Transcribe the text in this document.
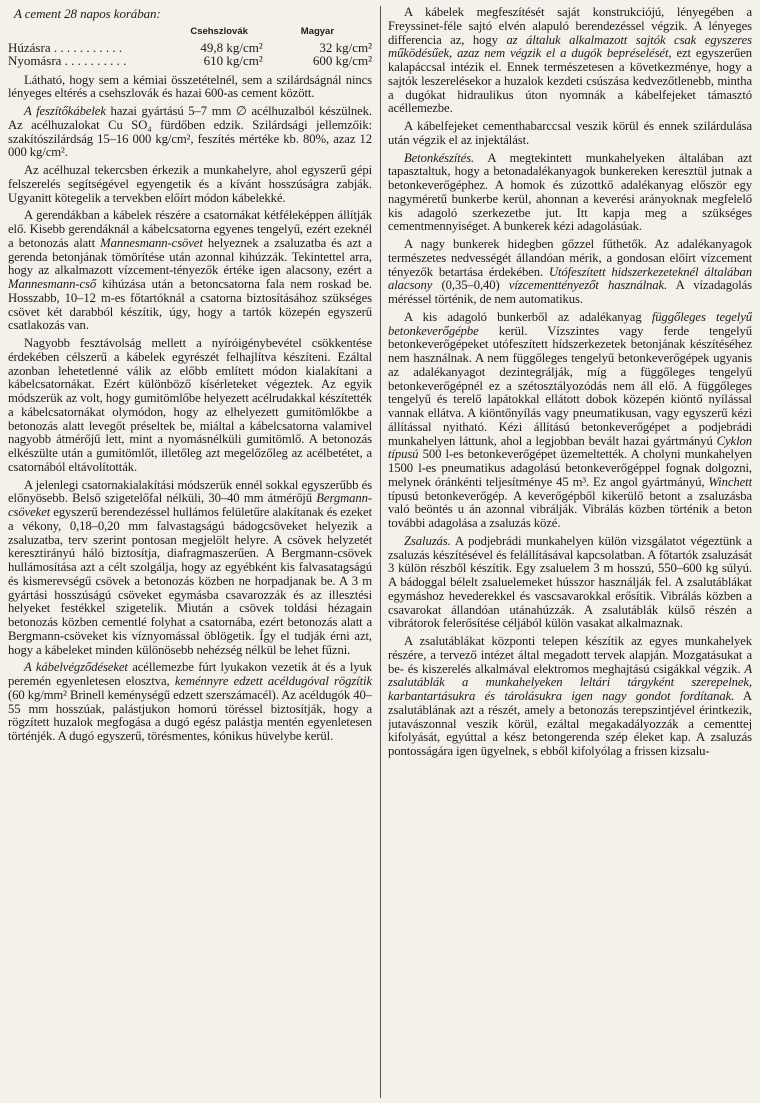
A cement 28 napos korában:

	Csehszlovák	Magyar
Húzásra . . . . . . . . . . .	49,8 kg/cm²	32 kg/cm²
Nyomásra . . . . . . . . . .	610 kg/cm²	600 kg/cm²

Látható, hogy sem a kémiai összetételnél, sem a szilárdságnál nincs lényeges eltérés a csehszlovák és hazai 600-as cement között.

A feszítőkábelek hazai gyártású 5–7 mm ∅ acélhuzalból készülnek. Az acélhuzalokat Cu SO₄ fürdőben edzik. Szilárdsági jellemzőik: szakítószilárdság 15–16 000 kg/cm², feszítés mértéke kb. 80%, azaz 12 000 kg/cm².

Az acélhuzal tekercsben érkezik a munkahelyre, ahol egyszerű gépi felszerelés segítségével egyengetik és a kívánt hosszúságra zabják. Ugyanitt kötegelik a tervekben előírt módon kábelekké.

A gerendákban a kábelek részére a csatornákat kétféleképpen állítják elő. Kisebb gerendáknál a kábelcsatorna egyenes tengelyű, ezért ezeknél a betonozás alatt Mannesmann-csövet helyeznek a zsaluzatba és azt a gerenda betonjának tömörítése után azonnal kihúzzák. Tekintettel arra, hogy az alkalmazott vízcement-tényezők értéke igen alacsony, ezért a Mannesmann-cső kihúzása után a betoncsatorna fala nem roskad be. Hosszabb, 10–12 m-es főtartóknál a csatorna biztosításához szükséges csövet két darabból készítik, úgy, hogy a tartók közepén egyszerű csatlakozás van.

Nagyobb fesztávolság mellett a nyíróigénybevétel csökkentése érdekében célszerű a kábelek egyrészét felhajlítva készíteni. Ezáltal azonban lehetetlenné válik az előbb említett módon kialakítani a kábelcsatornákat. Ezért különböző kísérleteket végeztek. Az egyik módszerük az volt, hogy gumitömlőbe helyezett acélrudakkal készítették a kábelcsatornákat olymódon, hogy az elhelyezett gumitömlőkbe a betonozás alatt levegőt préseltek be, miáltal a kábelcsatorna valamivel nagyobb átmérőjű lett, mint a nyomásnélküli gumitömlő. A betonozás elkészülte után a gumitömlőt, illetőleg azt megelőzőleg az acélbetétet, a csatornából eltávolították.

A jelenlegi csatornakialakítási módszerük ennél sokkal egyszerűbb és előnyösebb. Belső szigetelőfal nélküli, 30–40 mm átmérőjű Bergmann-csöveket egyszerű berendezéssel hullámos felületűre alakítanak és ezeket a vékony, 0,18–0,20 mm falvastagságú bádogcsöveket helyezik a zsaluzatba, terv szerint pontosan megjelölt helyre. A csövek helyzetét keresztirányú háló biztosítja, diafragmaszerűen. A Bergmann-csövek hullámosítása azt a célt szolgálja, hogy az egyébként kis falvasatagságú és kismerevségű csövek a betonozás közben ne horpadjanak be. A 3 m gyártási hosszúságú csöveket egymásba csavarozzák és az illesztési helyeket festékkel szigetelik. Miután a csövek toldási hézagain betonozás közben cementlé folyhat a csatornába, ezért betonozás alatt a Bergmann-csöveket kis víznyomással öblögetik. Így el tudják érni azt, hogy a kábeleket minden különösebb nehézség nélkül be lehet fűzni.

A kábelvégződéseket acéllemezbe fúrt lyukakon vezetik át és a lyuk peremén egyenletesen elosztva, keménnyre edzett acéldugóval rögzítik (60 kg/mm² Brinell keménységű edzett szerszámacél). Az acéldugók 40–55 mm hosszúak, palástjukon homorú töréssel biztosítják, hogy a rögzített huzalok megfogása a dugó egész palástja mentén egyenletesen történjék. A dugó egyszerű, törésmentes, kónikus hüvelybe kerül.

A kábelek megfeszítését saját konstrukciójú, lényegében a Freyssinet-féle sajtó elvén alapuló berendezéssel végzik. A lényeges differencia az, hogy az általuk alkalmazott sajtók csak egyszeres működésűek, azaz nem végzik el a dugók bepréselését, ezt egyszerűen kalapáccsal intézik el. Ennek természetesen a következménye, hogy a sajtók leszerelésekor a huzalok kezdeti csúszása kedvezőtlenebb, mintha a dugókat hidraulikus úton nyomnák a kábelfejeket támasztó acéllemezbe.

A kábelfejeket cementhabarccsal veszik körül és ennek szilárdulása után végzik el az injektálást.

Betonkészítés. A megtekintett munkahelyeken általában azt tapasztaltuk, hogy a betonadalékanyagok bunkereken keresztül jutnak a betonkeverőgéphez. A homok és zúzottkő adalékanyag először egy nagyméretű bunkerbe kerül, ahonnan a keverési arányoknak megfelelő kis adagoló szerkezetbe jut. Itt kapja meg a szükséges cementmennyiséget. A bunkerek kézi adagolásúak.

A nagy bunkerek hidegben gőzzel fűthetők. Az adalékanyagok természetes nedvességét állandóan mérik, a gondosan előírt vízcement tényezők betartása érdekében. Utófeszített hidszerkezeteknél általában alacsony (0,35–0,40) vízcementtényezőt használnak. A vízadagolás méréssel történik, de nem automatikus.

A kis adagoló bunkerből az adalékanyag függőleges tegelyű betonkeverőgépbe kerül. Vízszintes vagy ferde tengelyű betonkeverőgépeket utófeszített hídszerkezetek betonjának készítéséhez nem használnak. A nem függőleges tengelyű betonkeverőgépek ugyanis az adalékanyagot dezintegrálják, míg a függőleges tengelyű betonkeverőgépnél ez a szétosztályozódás nem áll elő. A függőleges tengelyű és terelő lapátokkal ellátott dobok közepén kiöntő nyílással vannak ellátva. A kiöntőnyílás vagy pneumatikusan, vagy egyszerű kézi állítással nyitható. Kézi állítású betonkeverőgépet a podjebrádi munkahelyen láttunk, ahol a legjobban bevált hazai gyártmányú Cyklon típusú 500 l-es betonkeverőgépet üzemeltették. A cholyni munkahelyen 1500 l-es pneumatikus adagolású betonkeverőgéppel fognak dolgozni, melynek óránkénti teljesítménye 45 m³. Ez angol gyártmányú, Winchett típusú betonkeverőgép. A keverőgépből kikerülő betont a zsaluzásba való beöntés u án azonnal vibrálják. Vibrálás közben történik a beton további adagolása a zsaluzás közé.

Zsaluzás. A podjebrádi munkahelyen külön vizsgálatot végeztünk a zsaluzás készítésével és felállításával kapcsolatban. A főtartók zsaluzását 3 külön részből készítik. Egy zsaluelem 3 m hosszú, 550–600 kg súlyú. A bádoggal bélelt zsaluelemeket hússzor használják fel. A zsalutáblákat egymáshoz hevederekkel és vascsavarokkal erősítik. Vibrálás közben a csavarokat állandóan utánahúzzák. A zsalutáblák külső részén a vibrátorok felerősítése céljából külön vasakat alkalmaznak.

A zsalutáblákat központi telepen készítik az egyes munkahelyek részére, a tervező intézet által megadott tervek alapján. Mozgatásukat a be- és kiszerelés alkalmával elektromos meghajtású csigákkal végzik. A zsalutáblák a munkahelyeken leltári tárgyként szerepelnek, karbantartásukra és tárolásukra igen nagy gondot fordítanak. A zsalutáblának azt a részét, amely a betonozás terepszintjével érintkezik, jutavászonnal veszik körül, ezáltal megakadályozzák a cementtej kifolyását, egyúttal a kész betongerenda szép éleket kap. A zsaluzás pontosságára igen ügyelnek, s ebből kifolyólag a frissen kizsalu-
